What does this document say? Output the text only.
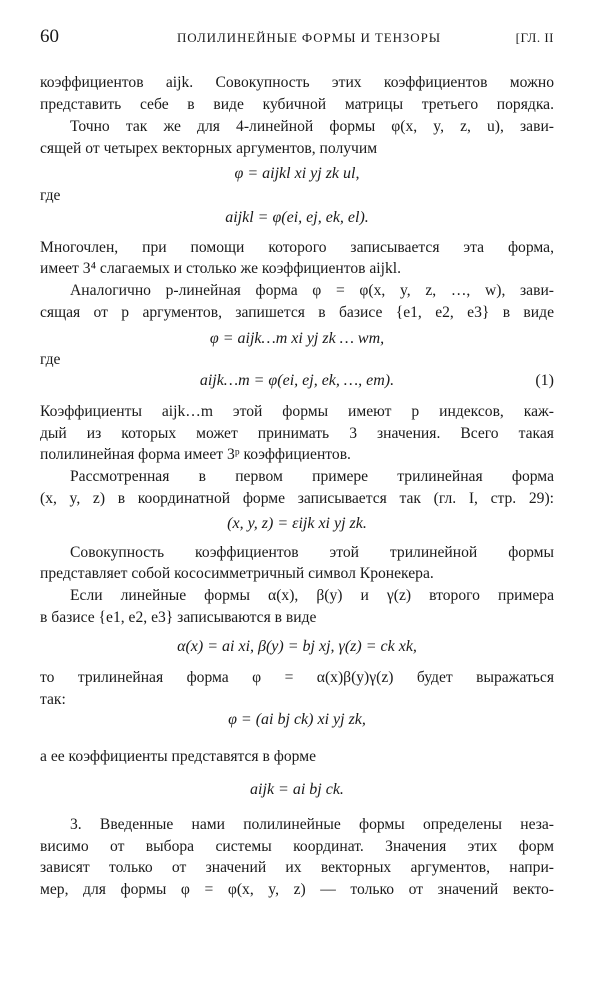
60	ПОЛИЛИНЕЙНЫЕ ФОРМЫ И ТЕНЗОРЫ	[ГЛ. II
коэффициентов aijk. Совокупность этих коэффициентов можно
представить себе в виде кубичной матрицы третьего порядка.
Точно так же для 4-линейной формы φ(x, y, z, u), зави-
сящей от четырех векторных аргументов, получим
φ = aijkl xi yj zk ul,
где
aijkl = φ(ei, ej, ek, el).
Многочлен, при помощи которого записывается эта форма,
имеет 3⁴ слагаемых и столько же коэффициентов aijkl.
Аналогично p-линейная форма φ = φ(x, y, z, …, w), зави-
сящая от p аргументов, запишется в базисе {e1, e2, e3} в виде
φ = aijk…m xi yj zk … wm,
где
aijk…m = φ(ei, ej, ek, …, em).	(1)
Коэффициенты aijk…m этой формы имеют p индексов, каж-
дый из которых может принимать 3 значения. Всего такая
полилинейная форма имеет 3ᵖ коэффициентов.
Рассмотренная в первом примере трилинейная форма
(x, y, z) в координатной форме записывается так (гл. I, стр. 29):
(x, y, z) = εijk xi yj zk.
Совокупность коэффициентов этой трилинейной формы
представляет собой кососимметричный символ Кронекера.
Если линейные формы α(x), β(y) и γ(z) второго примера
в базисе {e1, e2, e3} записываются в виде
α(x) = ai xi, β(y) = bj xj, γ(z) = ck xk,
то трилинейная форма φ = α(x)β(y)γ(z) будет выражаться
так:
φ = (ai bj ck) xi yj zk,
а ее коэффициенты представятся в форме
aijk = ai bj ck.
3. Введенные нами полилинейные формы определены неза-
висимо от выбора системы координат. Значения этих форм
зависят только от значений их векторных аргументов, напри-
мер, для формы φ = φ(x, y, z) — только от значений векто-
